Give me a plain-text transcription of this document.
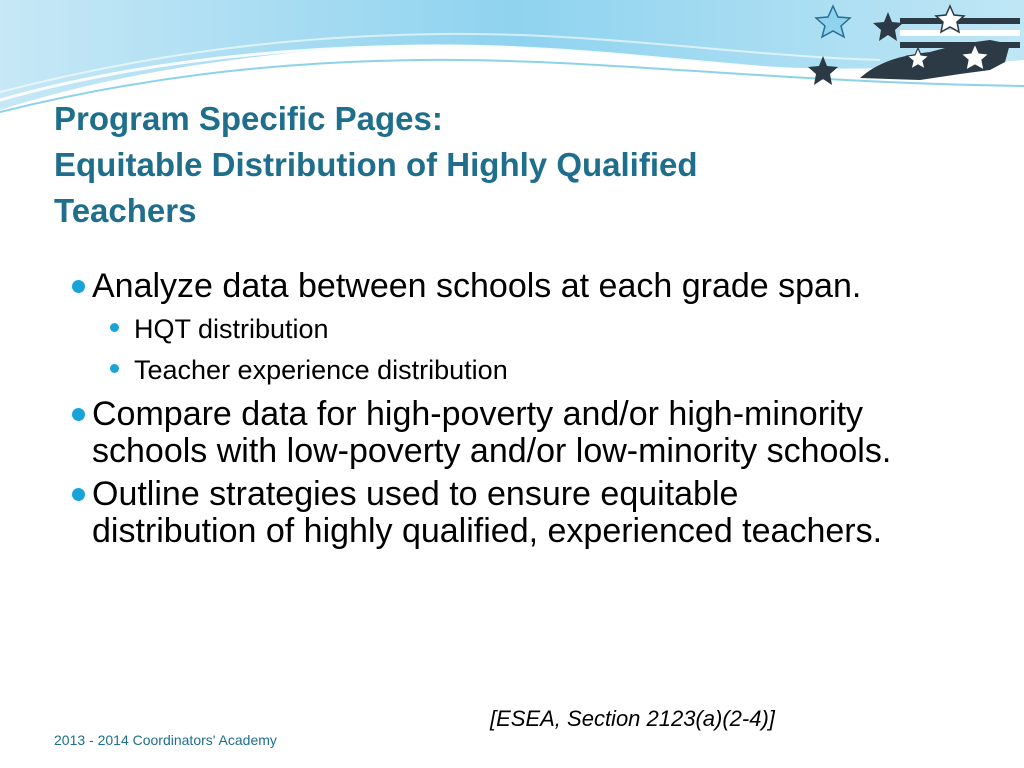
Program Specific Pages:
Equitable Distribution of Highly Qualified
Teachers
Analyze data between schools at each grade span.
HQT distribution
Teacher experience distribution
Compare data for high-poverty and/or high-minority schools with low-poverty and/or low-minority schools.
Outline strategies used to ensure equitable distribution of highly qualified, experienced teachers.
[ESEA, Section 2123(a)(2-4)]
2013 - 2014 Coordinators' Academy
